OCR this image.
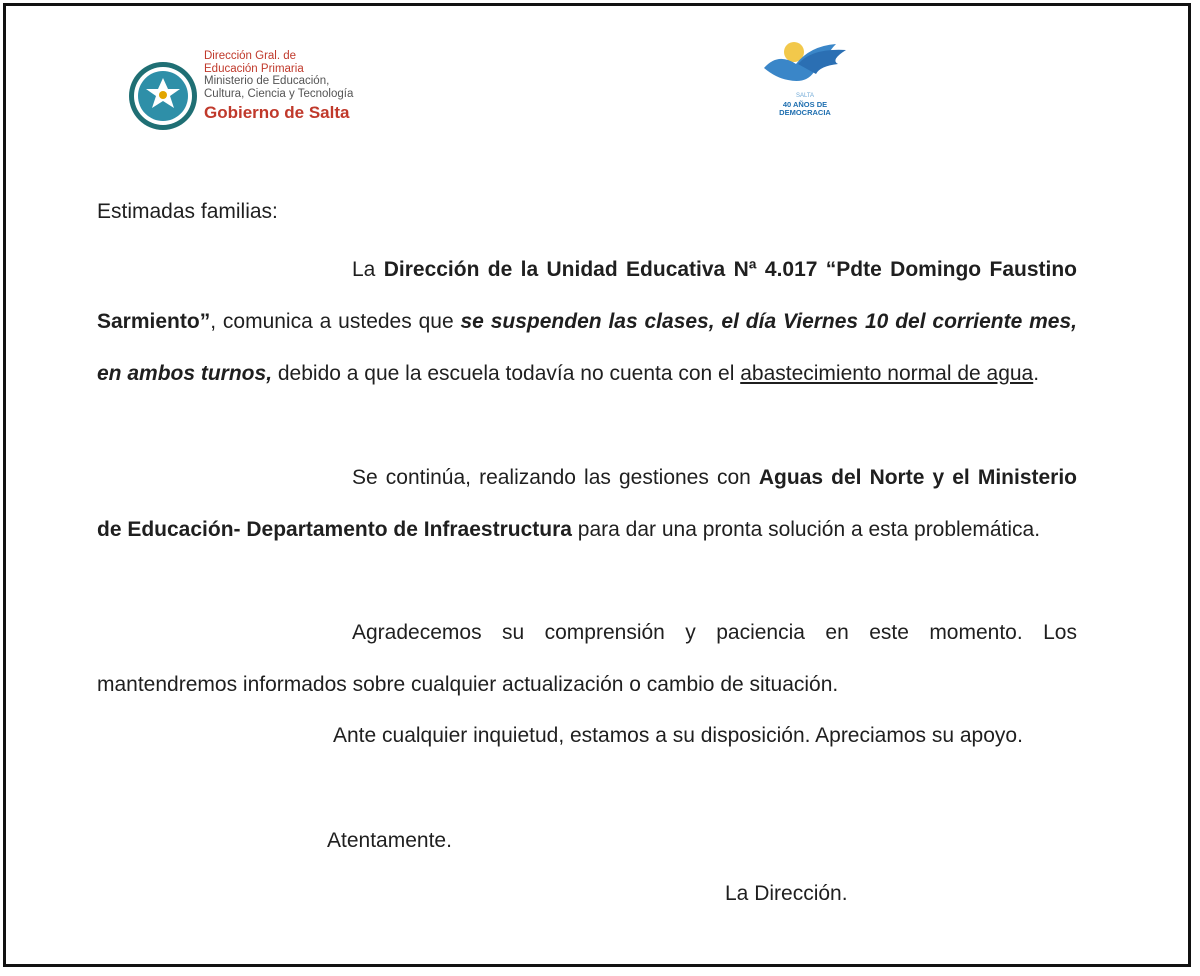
Dirección Gral. de
Educación Primaria
Ministerio de Educación,
Cultura, Ciencia y Tecnología
Gobierno de Salta
SALTA
40 AÑOS DE
DEMOCRACIA
Estimadas familias:

La Dirección de la Unidad Educativa Nª 4.017 “Pdte Domingo Faustino Sarmiento”, comunica a ustedes que se suspenden las clases, el día Viernes 10 del corriente mes, en ambos turnos, debido a que la escuela todavía no cuenta con el abastecimiento normal de agua.

Se continúa, realizando las gestiones con Aguas del Norte y el Ministerio de Educación- Departamento de Infraestructura para dar una pronta solución a esta problemática.

Agradecemos su comprensión y paciencia en este momento. Los mantendremos informados sobre cualquier actualización o cambio de situación.

Ante cualquier inquietud, estamos a su disposición. Apreciamos su apoyo.

Atentamente.
La Dirección.
